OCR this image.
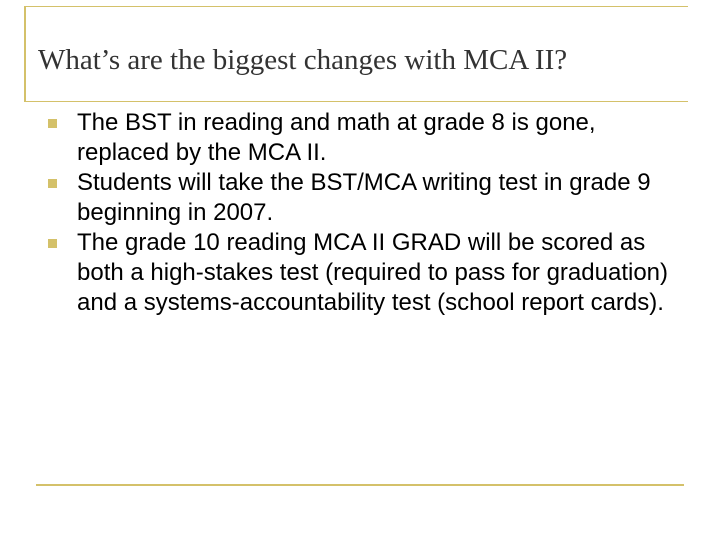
What’s are the biggest changes with MCA II?
The BST in reading and math at grade 8 is gone, replaced by the MCA II.
Students will take the BST/MCA writing test in grade 9 beginning in 2007.
The grade 10 reading MCA II GRAD will be scored as both a high-stakes test (required to pass for graduation) and a systems-accountability test (school report cards).
